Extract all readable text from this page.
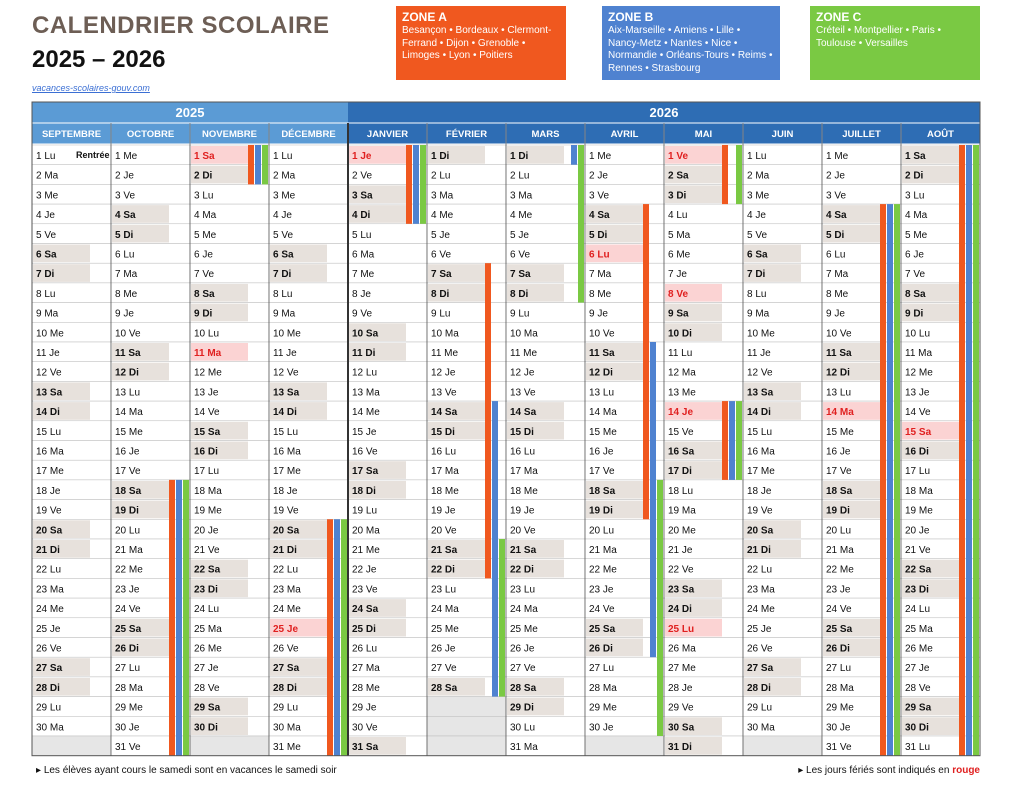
CALENDRIER SCOLAIRE
2025 – 2026
vacances-scolaires-gouv.com
ZONE A
Besançon • Bordeaux • Clermont-Ferrand • Dijon • Grenoble • Limoges • Lyon • Poitiers
ZONE B
Aix-Marseille • Amiens • Lille • Nancy-Metz • Nantes • Nice • Normandie • Orléans-Tours • Reims • Rennes • Strasbourg
ZONE C
Créteil • Montpellier • Paris • Toulouse • Versailles
2025	2026
SEPTEMBRE
1 Lu Rentrée
2 Ma
3 Me
4 Je
5 Ve
6 Sa
7 Di
8 Lu
9 Ma
10 Me
11 Je
12 Ve
13 Sa
14 Di
15 Lu
16 Ma
17 Me
18 Je
19 Ve
20 Sa
21 Di
22 Lu
23 Ma
24 Me
25 Je
26 Ve
27 Sa
28 Di
29 Lu
30 Ma
OCTOBRE
1 Me
2 Je
3 Ve
4 Sa
5 Di
6 Lu
7 Ma
8 Me
9 Je
10 Ve
11 Sa
12 Di
13 Lu
14 Ma
15 Me
16 Je
17 Ve
18 Sa
19 Di
20 Lu
21 Ma
22 Me
23 Je
24 Ve
25 Sa
26 Di
27 Lu
28 Ma
29 Me
30 Je
31 Ve
NOVEMBRE
1 Sa
2 Di
3 Lu
4 Ma
5 Me
6 Je
7 Ve
8 Sa
9 Di
10 Lu
11 Ma
12 Me
13 Je
14 Ve
15 Sa
16 Di
17 Lu
18 Ma
19 Me
20 Je
21 Ve
22 Sa
23 Di
24 Lu
25 Ma
26 Me
27 Je
28 Ve
29 Sa
30 Di
DÉCEMBRE
1 Lu
2 Ma
3 Me
4 Je
5 Ve
6 Sa
7 Di
8 Lu
9 Ma
10 Me
11 Je
12 Ve
13 Sa
14 Di
15 Lu
16 Ma
17 Me
18 Je
19 Ve
20 Sa
21 Di
22 Lu
23 Ma
24 Me
25 Je
26 Ve
27 Sa
28 Di
29 Lu
30 Ma
31 Me
JANVIER
1 Je
2 Ve
3 Sa
4 Di
5 Lu
6 Ma
7 Me
8 Je
9 Ve
10 Sa
11 Di
12 Lu
13 Ma
14 Me
15 Je
16 Ve
17 Sa
18 Di
19 Lu
20 Ma
21 Me
22 Je
23 Ve
24 Sa
25 Di
26 Lu
27 Ma
28 Me
29 Je
30 Ve
31 Sa
FÉVRIER
1 Di
2 Lu
3 Ma
4 Me
5 Je
6 Ve
7 Sa
8 Di
9 Lu
10 Ma
11 Me
12 Je
13 Ve
14 Sa
15 Di
16 Lu
17 Ma
18 Me
19 Je
20 Ve
21 Sa
22 Di
23 Lu
24 Ma
25 Me
26 Je
27 Ve
28 Sa
MARS
1 Di
2 Lu
3 Ma
4 Me
5 Je
6 Ve
7 Sa
8 Di
9 Lu
10 Ma
11 Me
12 Je
13 Ve
14 Sa
15 Di
16 Lu
17 Ma
18 Me
19 Je
20 Ve
21 Sa
22 Di
23 Lu
24 Ma
25 Me
26 Je
27 Ve
28 Sa
29 Di
30 Lu
31 Ma
AVRIL
1 Me
2 Je
3 Ve
4 Sa
5 Di
6 Lu
7 Ma
8 Me
9 Je
10 Ve
11 Sa
12 Di
13 Lu
14 Ma
15 Me
16 Je
17 Ve
18 Sa
19 Di
20 Lu
21 Ma
22 Me
23 Je
24 Ve
25 Sa
26 Di
27 Lu
28 Ma
29 Me
30 Je
MAI
1 Ve
2 Sa
3 Di
4 Lu
5 Ma
6 Me
7 Je
8 Ve
9 Sa
10 Di
11 Lu
12 Ma
13 Me
14 Je
15 Ve
16 Sa
17 Di
18 Lu
19 Ma
20 Me
21 Je
22 Ve
23 Sa
24 Di
25 Lu
26 Ma
27 Me
28 Je
29 Ve
30 Sa
31 Di
JUIN
1 Lu
2 Ma
3 Me
4 Je
5 Ve
6 Sa
7 Di
8 Lu
9 Ma
10 Me
11 Je
12 Ve
13 Sa
14 Di
15 Lu
16 Ma
17 Me
18 Je
19 Ve
20 Sa
21 Di
22 Lu
23 Ma
24 Me
25 Je
26 Ve
27 Sa
28 Di
29 Lu
30 Ma
JUILLET
1 Me
2 Je
3 Ve
4 Sa
5 Di
6 Lu
7 Ma
8 Me
9 Je
10 Ve
11 Sa
12 Di
13 Lu
14 Ma
15 Me
16 Je
17 Ve
18 Sa
19 Di
20 Lu
21 Ma
22 Me
23 Je
24 Ve
25 Sa
26 Di
27 Lu
28 Ma
29 Me
30 Je
31 Ve
AOÛT
1 Sa
2 Di
3 Lu
4 Ma
5 Me
6 Je
7 Ve
8 Sa
9 Di
10 Lu
11 Ma
12 Me
13 Je
14 Ve
15 Sa
16 Di
17 Lu
18 Ma
19 Me
20 Je
21 Ve
22 Sa
23 Di
24 Lu
25 Ma
26 Me
27 Je
28 Ve
29 Sa
30 Di
31 Lu
▸ Les élèves ayant cours le samedi sont en vacances le samedi soir	▸ Les jours fériés sont indiqués en rouge
